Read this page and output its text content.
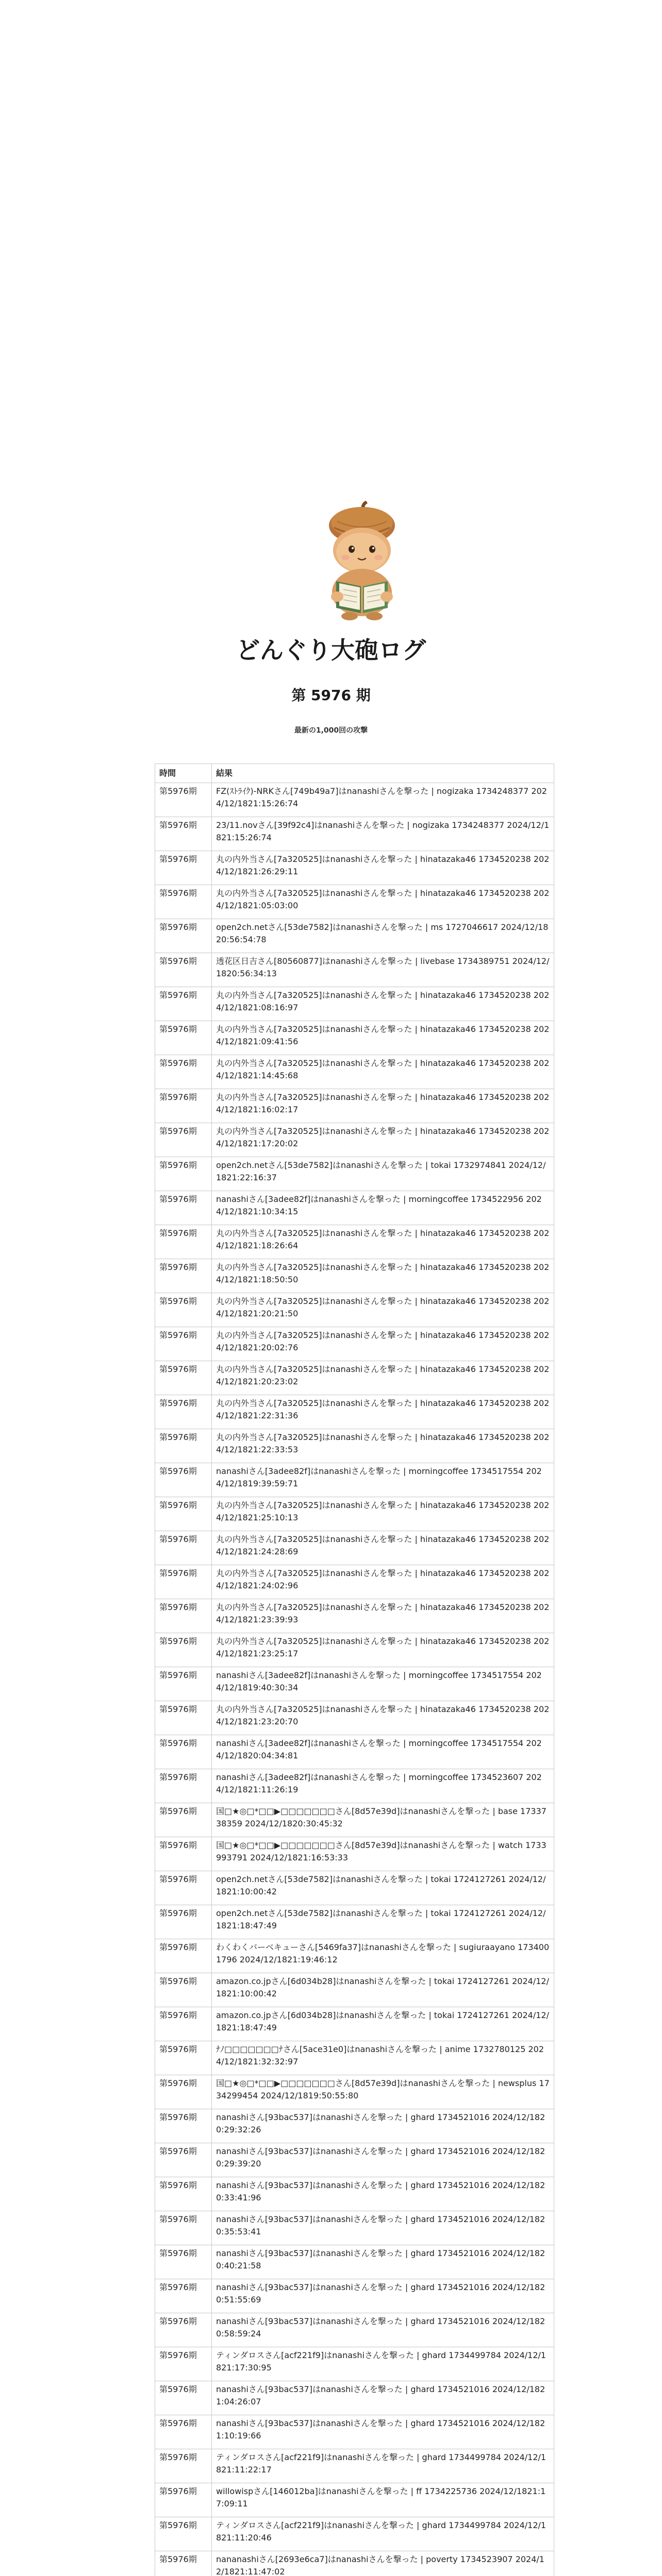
どんぐり大砲ログ
第 5976 期

最新の1,000回の攻撃

時間	結果
第5976期	FZ(ｽﾄﾗｲｸ)-NRKさん[749b49a7]はnanashiさんを撃った | nogizaka 1734248377 2024/12/1821:15:26:74
第5976期	23/11.novさん[39f92c4]はnanashiさんを撃った | nogizaka 1734248377 2024/12/1821:15:26:74
第5976期	丸の内外当さん[7a320525]はnanashiさんを撃った | hinatazaka46 1734520238 2024/12/1821:26:29:11
第5976期	丸の内外当さん[7a320525]はnanashiさんを撃った | hinatazaka46 1734520238 2024/12/1821:05:03:00
第5976期	open2ch.netさん[53de7582]はnanashiさんを撃った | ms 1727046617 2024/12/1820:56:54:78
第5976期	透花区日吉さん[80560877]はnanashiさんを撃った | livebase 1734389751 2024/12/1820:56:34:13
第5976期	丸の内外当さん[7a320525]はnanashiさんを撃った | hinatazaka46 1734520238 2024/12/1821:08:16:97
第5976期	丸の内外当さん[7a320525]はnanashiさんを撃った | hinatazaka46 1734520238 2024/12/1821:09:41:56
第5976期	丸の内外当さん[7a320525]はnanashiさんを撃った | hinatazaka46 1734520238 2024/12/1821:14:45:68
第5976期	丸の内外当さん[7a320525]はnanashiさんを撃った | hinatazaka46 1734520238 2024/12/1821:16:02:17
第5976期	丸の内外当さん[7a320525]はnanashiさんを撃った | hinatazaka46 1734520238 2024/12/1821:17:20:02
第5976期	open2ch.netさん[53de7582]はnanashiさんを撃った | tokai 1732974841 2024/12/1821:22:16:37
第5976期	nanashiさん[3adee82f]はnanashiさんを撃った | morningcoffee 1734522956 2024/12/1821:10:34:15
第5976期	丸の内外当さん[7a320525]はnanashiさんを撃った | hinatazaka46 1734520238 2024/12/1821:18:26:64
第5976期	丸の内外当さん[7a320525]はnanashiさんを撃った | hinatazaka46 1734520238 2024/12/1821:18:50:50
第5976期	丸の内外当さん[7a320525]はnanashiさんを撃った | hinatazaka46 1734520238 2024/12/1821:20:21:50
第5976期	丸の内外当さん[7a320525]はnanashiさんを撃った | hinatazaka46 1734520238 2024/12/1821:20:02:76
第5976期	丸の内外当さん[7a320525]はnanashiさんを撃った | hinatazaka46 1734520238 2024/12/1821:20:23:02
第5976期	丸の内外当さん[7a320525]はnanashiさんを撃った | hinatazaka46 1734520238 2024/12/1821:22:31:36
第5976期	丸の内外当さん[7a320525]はnanashiさんを撃った | hinatazaka46 1734520238 2024/12/1821:22:33:53
第5976期	nanashiさん[3adee82f]はnanashiさんを撃った | morningcoffee 1734517554 2024/12/1819:39:59:71
第5976期	丸の内外当さん[7a320525]はnanashiさんを撃った | hinatazaka46 1734520238 2024/12/1821:25:10:13
第5976期	丸の内外当さん[7a320525]はnanashiさんを撃った | hinatazaka46 1734520238 2024/12/1821:24:28:69
第5976期	丸の内外当さん[7a320525]はnanashiさんを撃った | hinatazaka46 1734520238 2024/12/1821:24:02:96
第5976期	丸の内外当さん[7a320525]はnanashiさんを撃った | hinatazaka46 1734520238 2024/12/1821:23:39:93
第5976期	丸の内外当さん[7a320525]はnanashiさんを撃った | hinatazaka46 1734520238 2024/12/1821:23:25:17
第5976期	nanashiさん[3adee82f]はnanashiさんを撃った | morningcoffee 1734517554 2024/12/1819:40:30:34
第5976期	丸の内外当さん[7a320525]はnanashiさんを撃った | hinatazaka46 1734520238 2024/12/1821:23:20:70
第5976期	nanashiさん[3adee82f]はnanashiさんを撃った | morningcoffee 1734517554 2024/12/1820:04:34:81
第5976期	nanashiさん[3adee82f]はnanashiさんを撃った | morningcoffee 1734523607 2024/12/1821:11:26:19
第5976期	国□★◎□*□□▶□□□□□□□さん[8d57e39d]はnanashiさんを撃った | base 1733738359 2024/12/1820:30:45:32
第5976期	国□★◎□*□□▶□□□□□□□さん[8d57e39d]はnanashiさんを撃った | watch 1733993791 2024/12/1821:16:53:33
第5976期	open2ch.netさん[53de7582]はnanashiさんを撃った | tokai 1724127261 2024/12/1821:10:00:42
第5976期	open2ch.netさん[53de7582]はnanashiさんを撃った | tokai 1724127261 2024/12/1821:18:47:49
第5976期	わくわくバーベキューさん[5469fa37]はnanashiさんを撃った | sugiuraayano 1734001796 2024/12/1821:19:46:12
第5976期	amazon.co.jpさん[6d034b28]はnanashiさんを撃った | tokai 1724127261 2024/12/1821:10:00:42
第5976期	amazon.co.jpさん[6d034b28]はnanashiさんを撃った | tokai 1724127261 2024/12/1821:18:47:49
第5976期	ﾅﾉ□□□□□□□ﾅさん[5ace31e0]はnanashiさんを撃った | anime 1732780125 2024/12/1821:32:32:97
第5976期	国□★◎□*□□▶□□□□□□□さん[8d57e39d]はnanashiさんを撃った | newsplus 1734299454 2024/12/1819:50:55:80
第5976期	nanashiさん[93bac537]はnanashiさんを撃った | ghard 1734521016 2024/12/1820:29:32:26
第5976期	nanashiさん[93bac537]はnanashiさんを撃った | ghard 1734521016 2024/12/1820:29:39:20
第5976期	nanashiさん[93bac537]はnanashiさんを撃った | ghard 1734521016 2024/12/1820:33:41:96
第5976期	nanashiさん[93bac537]はnanashiさんを撃った | ghard 1734521016 2024/12/1820:35:53:41
第5976期	nanashiさん[93bac537]はnanashiさんを撃った | ghard 1734521016 2024/12/1820:40:21:58
第5976期	nanashiさん[93bac537]はnanashiさんを撃った | ghard 1734521016 2024/12/1820:51:55:69
第5976期	nanashiさん[93bac537]はnanashiさんを撃った | ghard 1734521016 2024/12/1820:58:59:24
第5976期	ティンダロスさん[acf221f9]はnanashiさんを撃った | ghard 1734499784 2024/12/1821:17:30:95
第5976期	nanashiさん[93bac537]はnanashiさんを撃った | ghard 1734521016 2024/12/1821:04:26:07
第5976期	nanashiさん[93bac537]はnanashiさんを撃った | ghard 1734521016 2024/12/1821:10:19:66
第5976期	ティンダロスさん[acf221f9]はnanashiさんを撃った | ghard 1734499784 2024/12/1821:11:22:17
第5976期	willowispさん[146012ba]はnanashiさんを撃った | ff 1734225736 2024/12/1821:17:09:11
第5976期	ティンダロスさん[acf221f9]はnanashiさんを撃った | ghard 1734499784 2024/12/1821:11:20:46
第5976期	nananashiさん[2693e6ca7]はnanashiさんを撃った | poverty 1734523907 2024/12/1821:11:47:02
